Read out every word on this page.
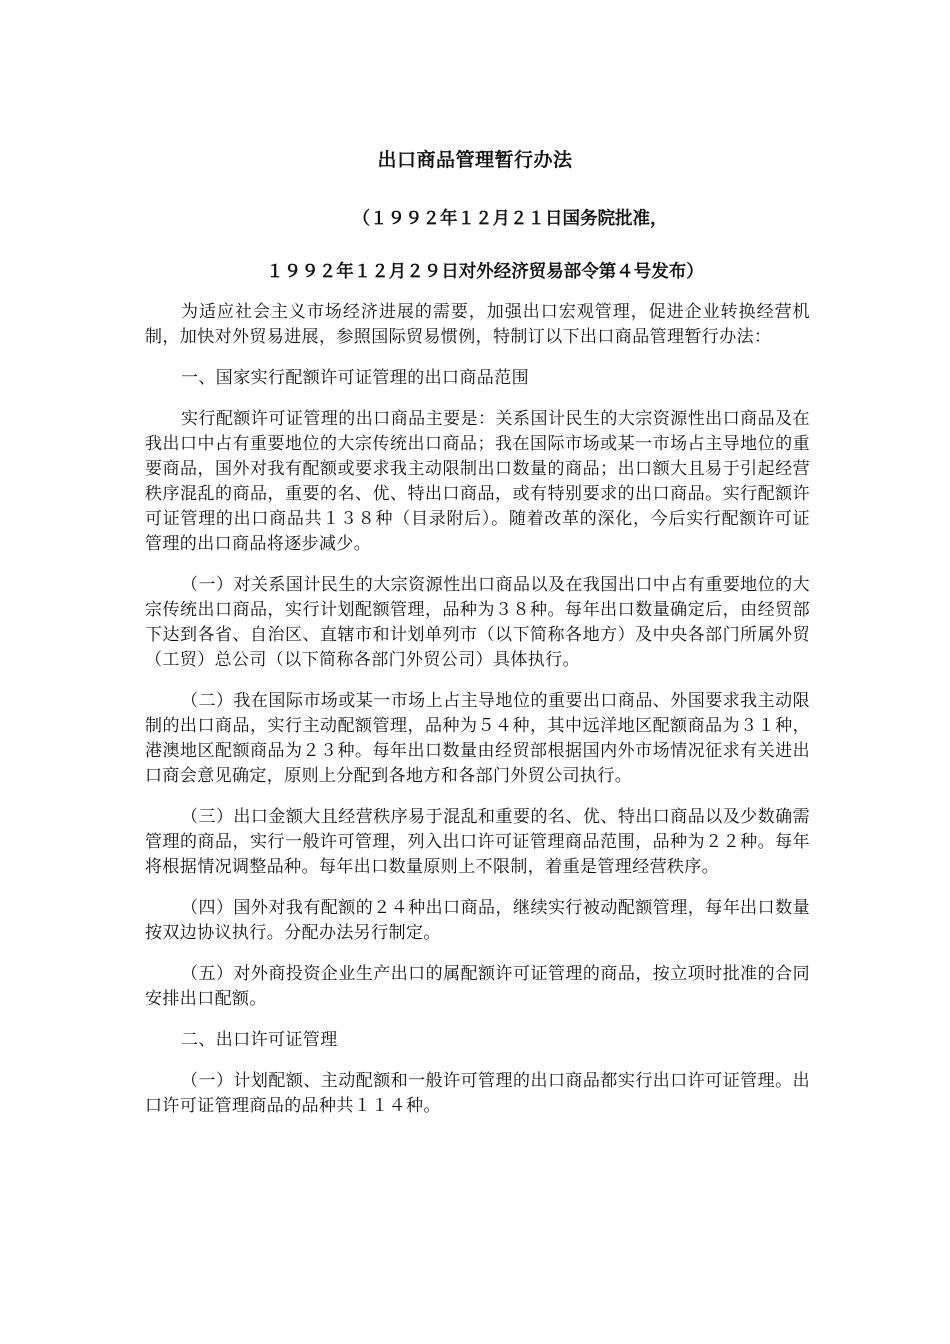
出口商品管理暂行办法

（１９９２年１２月２１日国务院批准，

１９９２年１２月２９日对外经济贸易部令第４号发布）

为适应社会主义市场经济进展的需要，加强出口宏观管理，促进企业转换经营机制，加快对外贸易进展，参照国际贸易惯例，特制订以下出口商品管理暂行办法：

一、国家实行配额许可证管理的出口商品范围

实行配额许可证管理的出口商品主要是：关系国计民生的大宗资源性出口商品及在我出口中占有重要地位的大宗传统出口商品；我在国际市场或某一市场占主导地位的重要商品，国外对我有配额或要求我主动限制出口数量的商品；出口额大且易于引起经营秩序混乱的商品，重要的名、优、特出口商品，或有特别要求的出口商品。实行配额许可证管理的出口商品共１３８种（目录附后）。随着改革的深化，今后实行配额许可证管理的出口商品将逐步减少。

（一）对关系国计民生的大宗资源性出口商品以及在我国出口中占有重要地位的大宗传统出口商品，实行计划配额管理，品种为３８种。每年出口数量确定后，由经贸部下达到各省、自治区、直辖市和计划单列市（以下简称各地方）及中央各部门所属外贸（工贸）总公司（以下简称各部门外贸公司）具体执行。

（二）我在国际市场或某一市场上占主导地位的重要出口商品、外国要求我主动限制的出口商品，实行主动配额管理，品种为５４种，其中远洋地区配额商品为３１种，港澳地区配额商品为２３种。每年出口数量由经贸部根据国内外市场情况征求有关进出口商会意见确定，原则上分配到各地方和各部门外贸公司执行。

（三）出口金额大且经营秩序易于混乱和重要的名、优、特出口商品以及少数确需管理的商品，实行一般许可管理，列入出口许可证管理商品范围，品种为２２种。每年将根据情况调整品种。每年出口数量原则上不限制，着重是管理经营秩序。

（四）国外对我有配额的２４种出口商品，继续实行被动配额管理，每年出口数量按双边协议执行。分配办法另行制定。

（五）对外商投资企业生产出口的属配额许可证管理的商品，按立项时批准的合同安排出口配额。

二、出口许可证管理

（一）计划配额、主动配额和一般许可管理的出口商品都实行出口许可证管理。出口许可证管理商品的品种共１１４种。
